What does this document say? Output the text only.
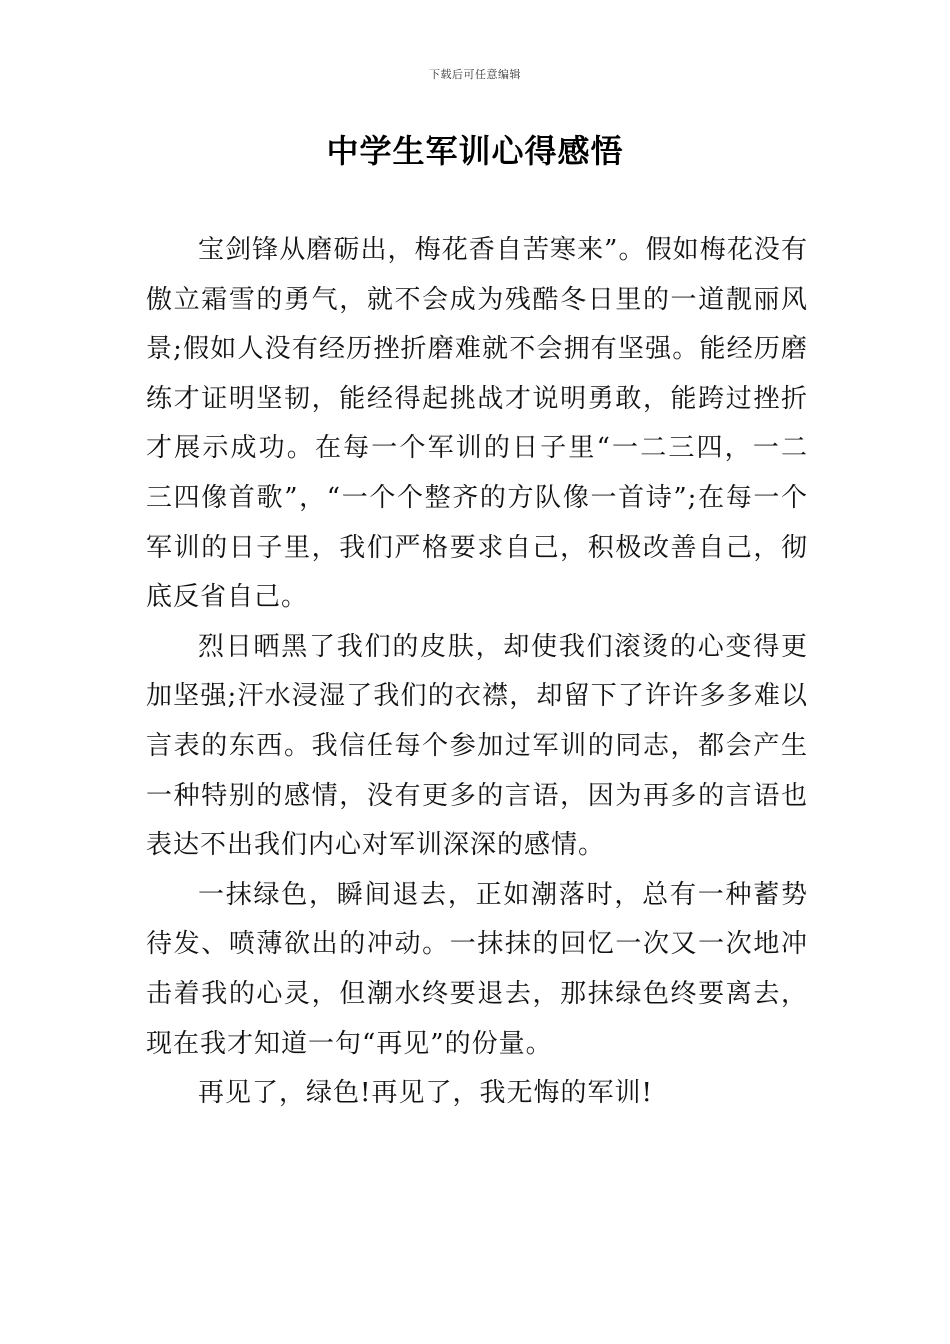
下载后可任意编辑
中学生军训心得感悟

宝剑锋从磨砺出，梅花香自苦寒来”。假如梅花没有傲立霜雪的勇气，就不会成为残酷冬日里的一道靓丽风景;假如人没有经历挫折磨难就不会拥有坚强。能经历磨练才证明坚韧，能经得起挑战才说明勇敢，能跨过挫折才展示成功。在每一个军训的日子里“一二三四，一二三四像首歌”，“一个个整齐的方队像一首诗”;在每一个军训的日子里，我们严格要求自己，积极改善自己，彻底反省自己。

烈日晒黑了我们的皮肤，却使我们滚烫的心变得更加坚强;汗水浸湿了我们的衣襟，却留下了许许多多难以言表的东西。我信任每个参加过军训的同志，都会产生一种特别的感情，没有更多的言语，因为再多的言语也表达不出我们内心对军训深深的感情。

一抹绿色，瞬间退去，正如潮落时，总有一种蓄势待发、喷薄欲出的冲动。一抹抹的回忆一次又一次地冲击着我的心灵，但潮水终要退去，那抹绿色终要离去，现在我才知道一句“再见”的份量。

再见了，绿色!再见了，我无悔的军训!
